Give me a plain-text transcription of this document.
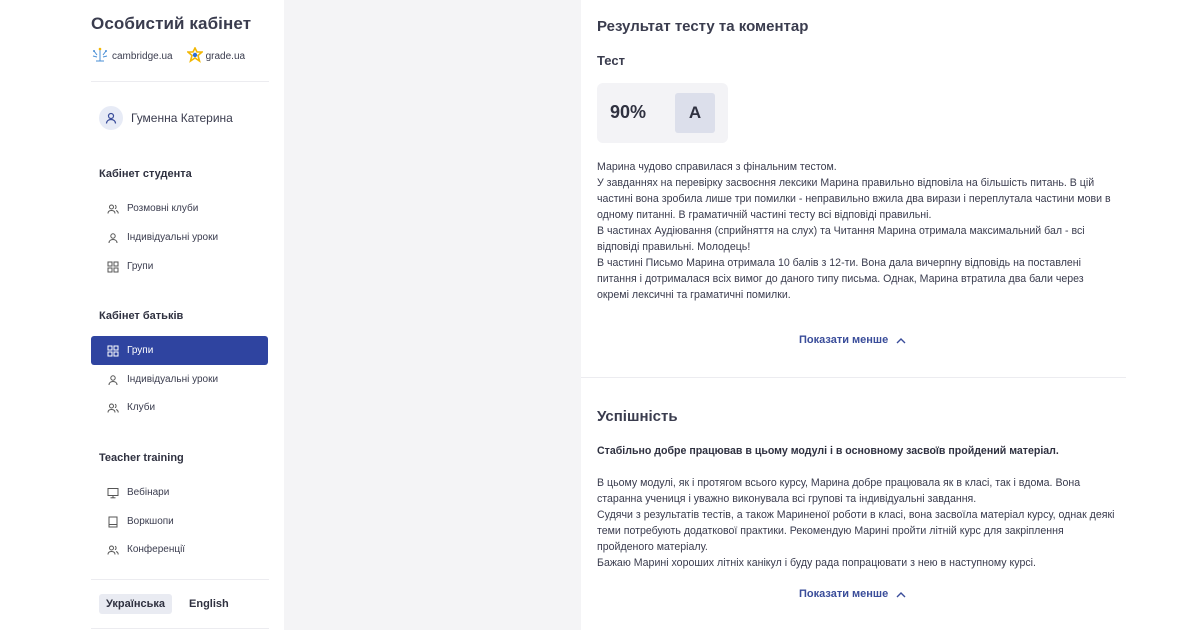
Особистий кабінет
cambridge.ua	grade.ua
Гуменна Катерина
Кабінет студента
Розмовні клуби
Індивідуальні уроки
Групи
Кабінет батьків
Групи
Індивідуальні уроки
Клуби
Teacher training
Вебінари
Воркшопи
Конференції
Українська	English
Результат тесту та коментар
Тест
90%	A

Марина чудово справилася з фінальним тестом.

У завданнях на перевірку засвоєння лексики Марина правильно відповіла на більшість питань. В цій частині вона зробила лише три помилки - неправильно вжила два вирази і переплутала частини мови в одному питанні. В граматичній частині тесту всі відповіді правильні.

В частинах Аудіювання (сприйняття на слух) та Читання Марина отримала максимальний бал - всі відповіді правильні. Молодець!

В частині Письмо Марина отримала 10 балів з 12-ти. Вона дала вичерпну відповідь на поставлені питання і дотрималася всіх вимог до даного типу письма. Однак, Марина втратила два бали через окремі лексичні та граматичні помилки.

Показати менше
Успішність
Стабільно добре працював в цьому модулі і в основному засвоїв пройдений матеріал.

В цьому модулі, як і протягом всього курсу, Марина добре працювала як в класі, так і вдома. Вона старанна учениця і уважно виконувала всі групові та індивідуальні завдання.

Судячи з результатів тестів, а також Мариненої роботи в класі, вона засвоїла матеріал курсу, однак деякі теми потребують додаткової практики. Рекомендую Марині пройти літній курс для закріплення пройденого матеріалу.

Бажаю Марині хороших літніх канікул і буду рада попрацювати з нею в наступному курсі.

Показати менше
